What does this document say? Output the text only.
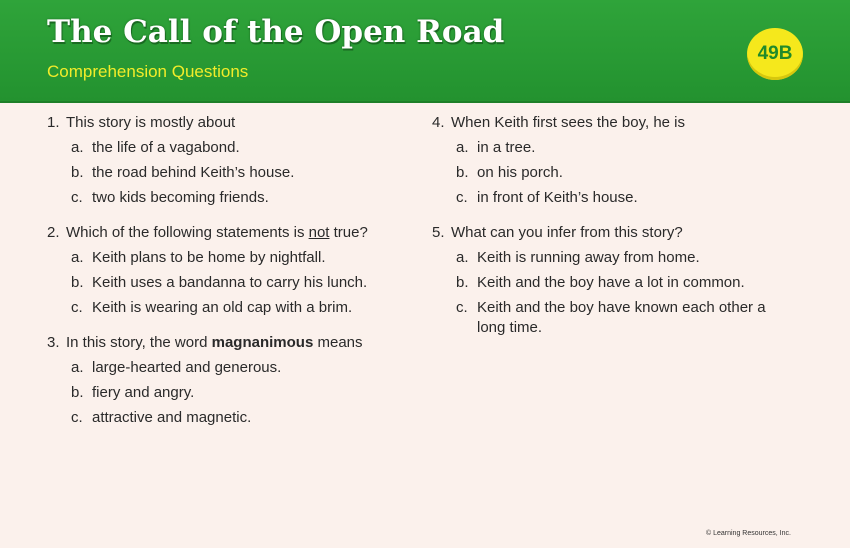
The Call of the Open Road
Comprehension Questions
49B
1. This story is mostly about
a. the life of a vagabond.
b. the road behind Keith’s house.
c. two kids becoming friends.
2. Which of the following statements is not true?
a. Keith plans to be home by nightfall.
b. Keith uses a bandanna to carry his lunch.
c. Keith is wearing an old cap with a brim.
3. In this story, the word magnanimous means
a. large-hearted and generous.
b. fiery and angry.
c. attractive and magnetic.
4. When Keith first sees the boy, he is
a. in a tree.
b. on his porch.
c. in front of Keith’s house.
5. What can you infer from this story?
a. Keith is running away from home.
b. Keith and the boy have a lot in common.
c. Keith and the boy have known each other a long time.
© Learning Resources, Inc.
